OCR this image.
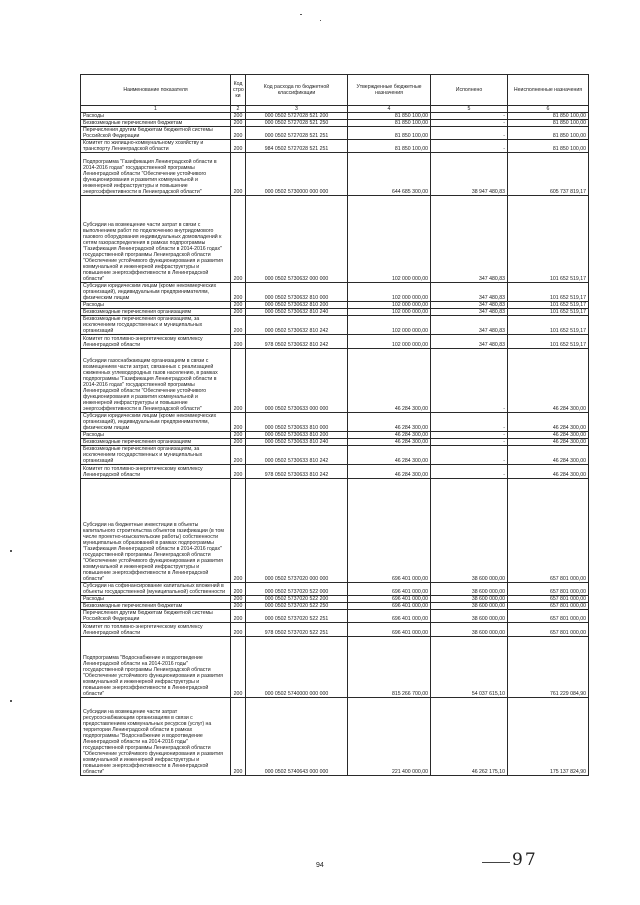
Наименование показателя	Код стро ки	Код расхода по бюджетной классификации	Утвержденные бюджетные назначения	Исполнено	Неисполненные назначения
1	2	3	4	5	6
Расходы	200	000 0502 5727028 521 200	81 850 100,00	-	81 850 100,00
Безвозмездные перечисления бюджетам	200	000 0502 5727028 521 250	81 850 100,00	-	81 850 100,00
Перечисления другим бюджетам бюджетной системы Российской Федерации	200	000 0502 5727028 521 251	81 850 100,00	-	81 850 100,00
Комитет по жилищно-коммунальному хозяйству и транспорту Ленинградской области	200	984 0502 5727028 521 251	81 850 100,00	-	81 850 100,00
Подпрограмма "Газификация Ленинградской области в 2014-2016 годах" государственной программы Ленинградской области "Обеспечение устойчивого функционирования и развития коммунальной и инженерной инфраструктуры и повышение энергоэффективности в Ленинградской области"	200	000 0502 5730000 000 000	644 685 300,00	38 947 480,83	605 737 819,17
Субсидии на возмещение части затрат в связи с выполнением работ по подключению внутридомового газового оборудования индивидуальных домовладений к сетям газораспределения в рамках подпрограммы "Газификация Ленинградской области в 2014-2016 годах" государственной программы Ленинградской области "Обеспечение устойчивого функционирования и развития коммунальной и инженерной инфраструктуры и повышение энергоэффективности в Ленинградской области"	200	000 0502 5730632 000 000	102 000 000,00	347 480,83	101 652 519,17
Субсидии юридическим лицам (кроме некоммерческих организаций), индивидуальным предпринимателям, физическим лицам	200	000 0502 5730632 810 000	102 000 000,00	347 480,83	101 652 519,17
Расходы	200	000 0502 5730632 810 200	102 000 000,00	347 480,83	101 652 519,17
Безвозмездные перечисления организациям	200	000 0502 5730632 810 240	102 000 000,00	347 480,83	101 652 519,17
Безвозмездные перечисления организациям, за исключением государственных и муниципальных организаций	200	000 0502 5730632 810 242	102 000 000,00	347 480,83	101 652 519,17
Комитет по топливно-энергетическому комплексу Ленинградской области	200	978 0502 5730632 810 242	102 000 000,00	347 480,83	101 652 519,17
Субсидии газоснабжающим организациям в связи с возмещением части затрат, связанных с реализацией сжиженных углеводородных газов населению, в рамках подпрограммы "Газификация Ленинградской области в 2014-2016 годах" государственной программы Ленинградской области "Обеспечение устойчивого функционирования и развития коммунальной и инженерной инфраструктуры и повышение энергоэффективности в Ленинградской области"	200	000 0502 5730633 000 000	46 284 300,00	-	46 284 300,00
Субсидии юридическим лицам (кроме некоммерческих организаций), индивидуальным предпринимателям, физическим лицам	200	000 0502 5730633 810 000	46 284 300,00	-	46 284 300,00
Расходы	200	000 0502 5730633 810 200	46 284 300,00	-	46 284 300,00
Безвозмездные перечисления организациям	200	000 0502 5730633 810 240	46 284 300,00	-	46 284 300,00
Безвозмездные перечисления организациям, за исключением государственных и муниципальных организаций	200	000 0502 5730633 810 242	46 284 300,00	-	46 284 300,00
Комитет по топливно-энергетическому комплексу Ленинградской области	200	978 0502 5730633 810 242	46 284 300,00	-	46 284 300,00
Субсидии на бюджетные инвестиции в объекты капитального строительства объектов газификации (в том числе проектно-изыскательские работы) собственности муниципальных образований в рамках подпрограммы "Газификация Ленинградской области в 2014-2016 годах" государственной программы Ленинградской области "Обеспечение устойчивого функционирования и развития коммунальной и инженерной инфраструктуры и повышение энергоэффективности в Ленинградской области"	200	000 0502 5737020 000 000	696 401 000,00	38 600 000,00	657 801 000,00
Субсидии на софинансирование капитальных вложений в объекты государственной (муниципальной) собственности	200	000 0502 5737020 522 000	696 401 000,00	38 600 000,00	657 801 000,00
Расходы	200	000 0502 5737020 522 200	696 401 000,00	38 600 000,00	657 801 000,00
Безвозмездные перечисления бюджетам	200	000 0502 5737020 522 250	696 401 000,00	38 600 000,00	657 801 000,00
Перечисления другим бюджетам бюджетной системы Российской Федерации	200	000 0502 5737020 522 251	696 401 000,00	38 600 000,00	657 801 000,00
Комитет по топливно-энергетическому комплексу Ленинградской области	200	978 0502 5737020 522 251	696 401 000,00	38 600 000,00	657 801 000,00
Подпрограмма "Водоснабжение и водоотведение Ленинградской области на 2014-2016 годы" государственной программы Ленинградской области "Обеспечение устойчивого функционирования и развития коммунальной и инженерной инфраструктуры и повышение энергоэффективности в Ленинградской области"	200	000 0502 5740000 000 000	815 266 700,00	54 037 615,10	761 229 084,90
Субсидии на возмещение части затрат ресурсоснабжающим организациям в связи с предоставлением коммунальных ресурсов (услуг) на территории Ленинградской области в рамках подпрограммы "Водоснабжение и водоотведение Ленинградской области на 2014-2016 годы" государственной программы Ленинградской области "Обеспечение устойчивого функционирования и развития коммунальной и инженерной инфраструктуры и повышение энергоэффективности в Ленинградской области"	200	000 0502 5740643 000 000	221 400 000,00	46 262 175,10	175 137 824,90
94	97
